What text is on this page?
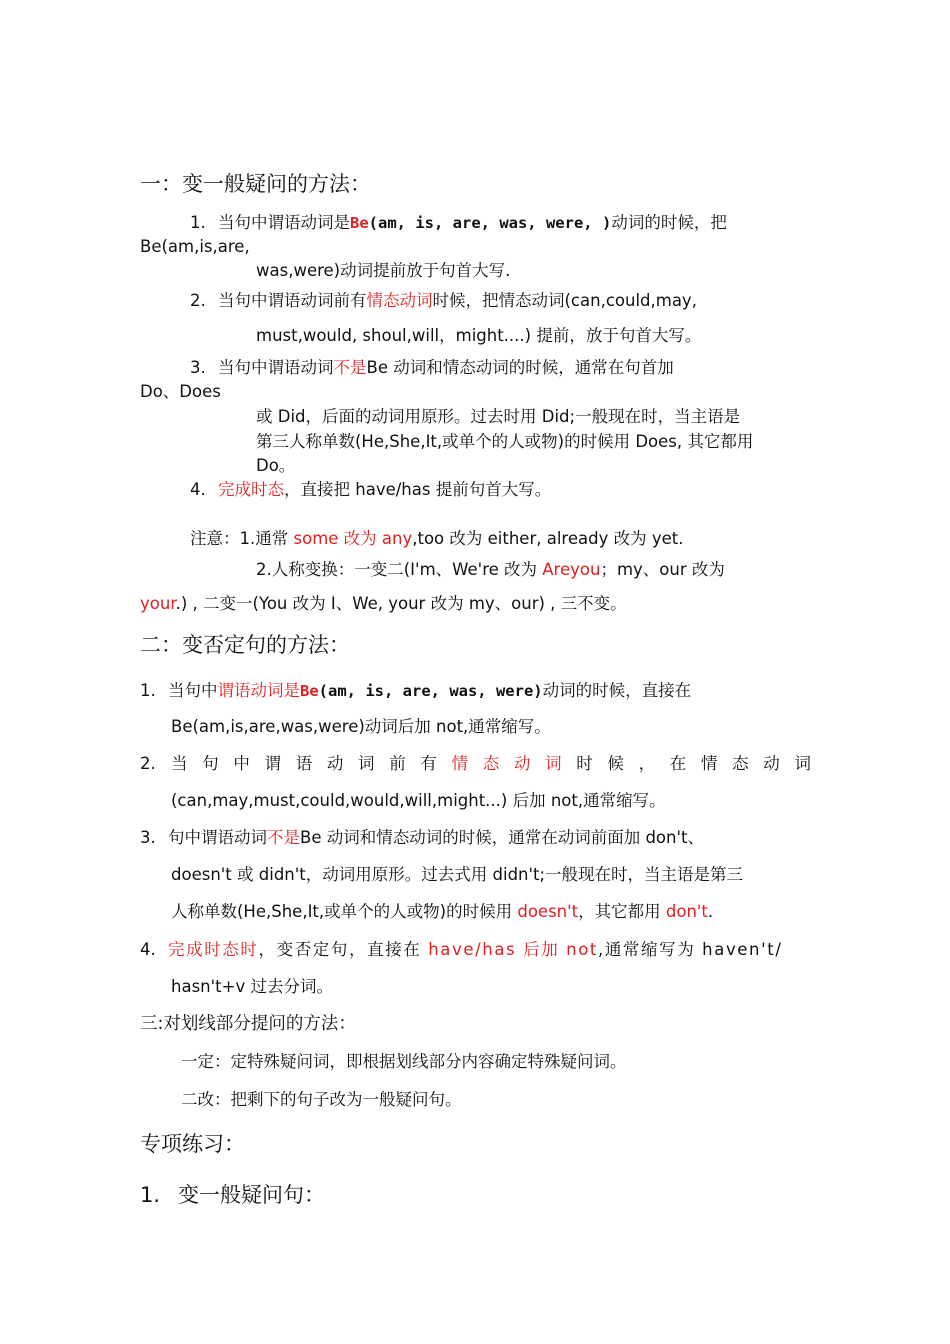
一：变一般疑问的方法：
1. 当句中谓语动词是Be(am, is, are, was, were, )动词的时候，把
Be(am,is,are,
was,were)动词提前放于句首大写.
2. 当句中谓语动词前有情态动词时候，把情态动词(can,could,may,
must,would, shoul,will，might....) 提前，放于句首大写。
3. 当句中谓语动词不是Be 动词和情态动词的时候，通常在句首加
Do、Does
或 Did，后面的动词用原形。过去时用 Did;一般现在时，当主语是
第三人称单数(He,She,It,或单个的人或物)的时候用 Does, 其它都用
Do。
4. 完成时态，直接把 have/has 提前句首大写。
注意：1.通常 some 改为 any,too 改为 either, already 改为 yet.
2.人称变换：一变二(I'm、We're 改为 Areyou；my、our 改为
your.) , 二变一(You 改为 I、We, your 改为 my、our) , 三不变。
二：变否定句的方法：
1. 当句中谓语动词是Be(am, is, are, was, were)动词的时候，直接在
Be(am,is,are,was,were)动词后加 not,通常缩写。
2. 当 句 中 谓 语 动 词 前 有 情 态 动 词 时 候 ， 在 情 态 动 词
(can,may,must,could,would,will,might...) 后加 not,通常缩写。
3. 句中谓语动词不是Be 动词和情态动词的时候，通常在动词前面加 don't、
doesn't 或 didn't，动词用原形。过去式用 didn't;一般现在时，当主语是第三
人称单数(He,She,It,或单个的人或物)的时候用 doesn't，其它都用 don't.
4. 完成时态时，变否定句，直接在 have/has 后加 not,通常缩写为 haven't/
hasn't+v 过去分词。
三:对划线部分提问的方法：
一定：定特殊疑问词，即根据划线部分内容确定特殊疑问词。
二改：把剩下的句子改为一般疑问句。
专项练习：
1. 变一般疑问句：
